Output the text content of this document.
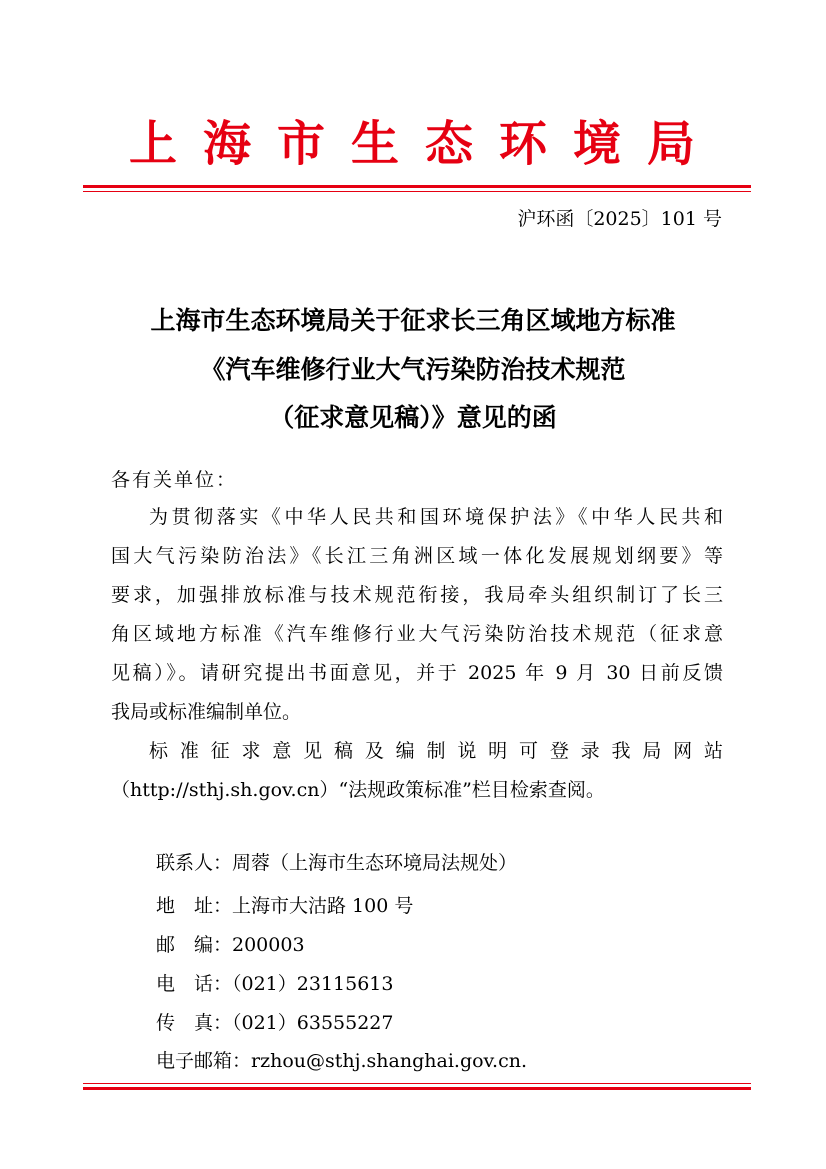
上海市生态环境局
沪环函〔2025〕101 号
上海市生态环境局关于征求长三角区域地方标准
《汽车维修行业大气污染防治技术规范
（征求意见稿）》意见的函
各有关单位：
为贯彻落实《中华人民共和国环境保护法》《中华人民共和
国大气污染防治法》《长江三角洲区域一体化发展规划纲要》等
要求，加强排放标准与技术规范衔接，我局牵头组织制订了长三
角区域地方标准《汽车维修行业大气污染防治技术规范（征求意
见稿）》。请研究提出书面意见，并于 2025 年 9 月 30 日前反馈
我局或标准编制单位。
标准征求意见稿及编制说明可登录我局网站
（http://sthj.sh.gov.cn）“法规政策标准”栏目检索查阅。
联系人：周蓉（上海市生态环境局法规处）
地　址：上海市大沽路 100 号
邮　编：200003
电　话：（021）23115613
传　真：（021）63555227
电子邮箱：rzhou@sthj.shanghai.gov.cn.
